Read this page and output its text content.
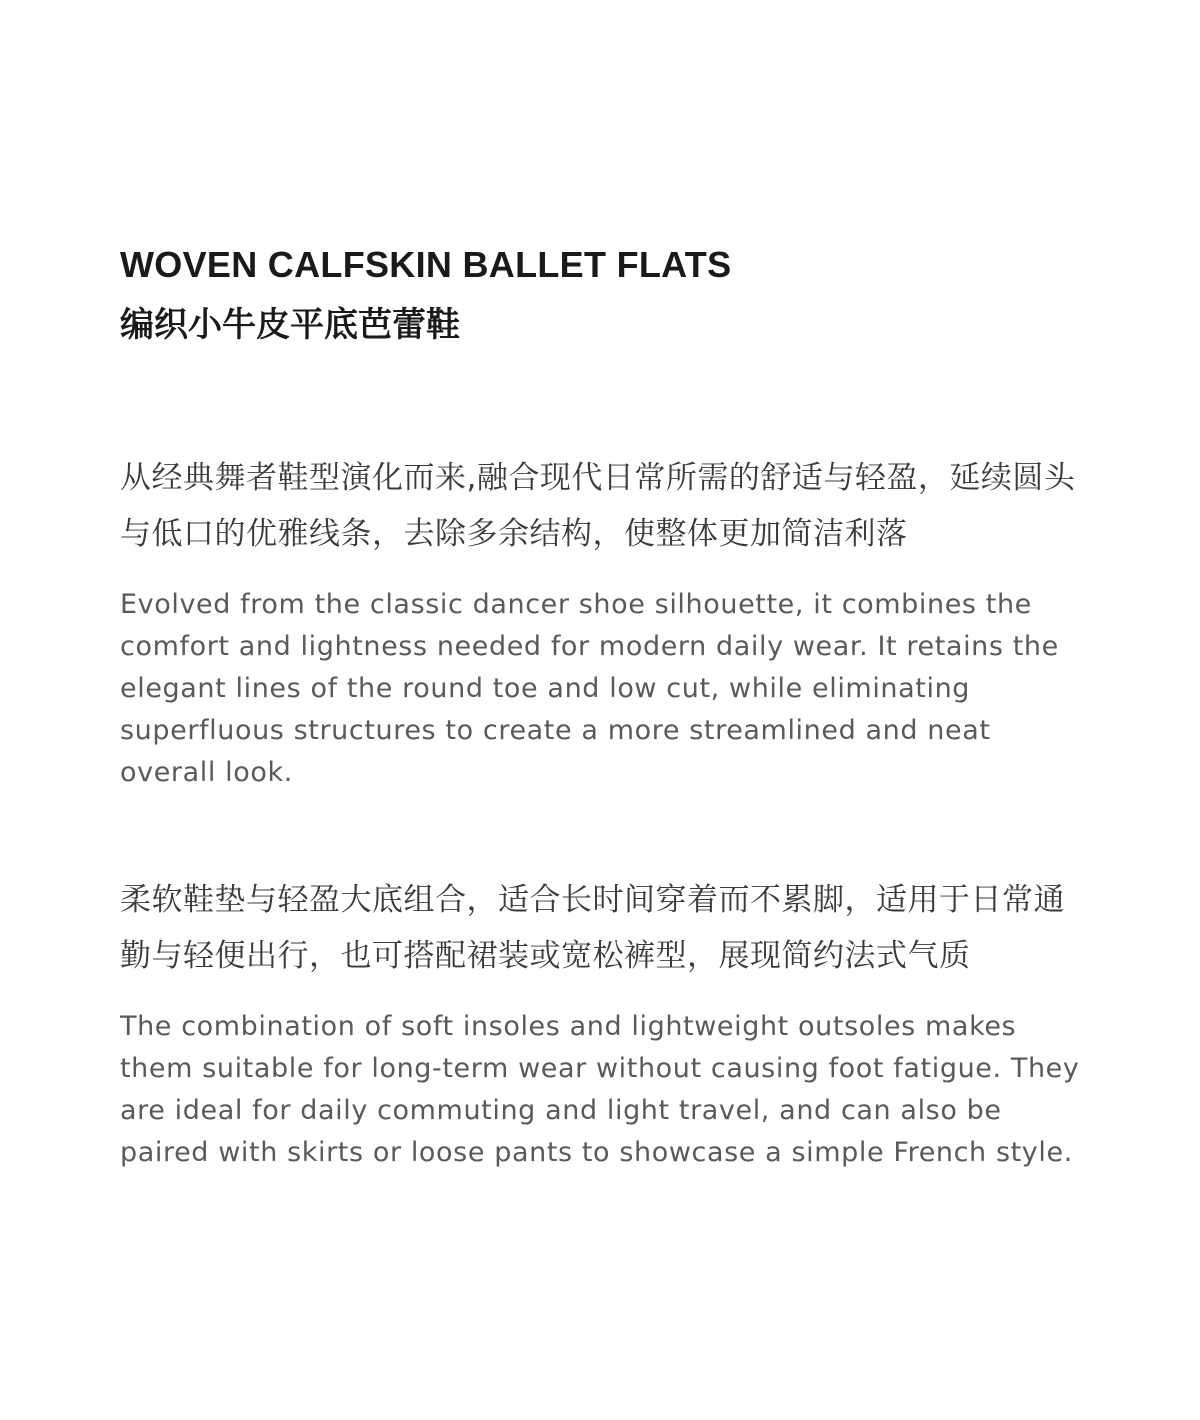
WOVEN CALFSKIN BALLET FLATS
编织小牛皮平底芭蕾鞋

从经典舞者鞋型演化而来,融合现代日常所需的舒适与轻盈，延续圆头与低口的优雅线条，去除多余结构，使整体更加简洁利落

Evolved from the classic dancer shoe silhouette, it combines the comfort and lightness needed for modern daily wear. It retains the elegant lines of the round toe and low cut, while eliminating superfluous structures to create a more streamlined and neat overall look.

柔软鞋垫与轻盈大底组合，适合长时间穿着而不累脚，适用于日常通勤与轻便出行，也可搭配裙装或宽松裤型，展现简约法式气质

The combination of soft insoles and lightweight outsoles makes them suitable for long-term wear without causing foot fatigue. They are ideal for daily commuting and light travel, and can also be paired with skirts or loose pants to showcase a simple French style.
